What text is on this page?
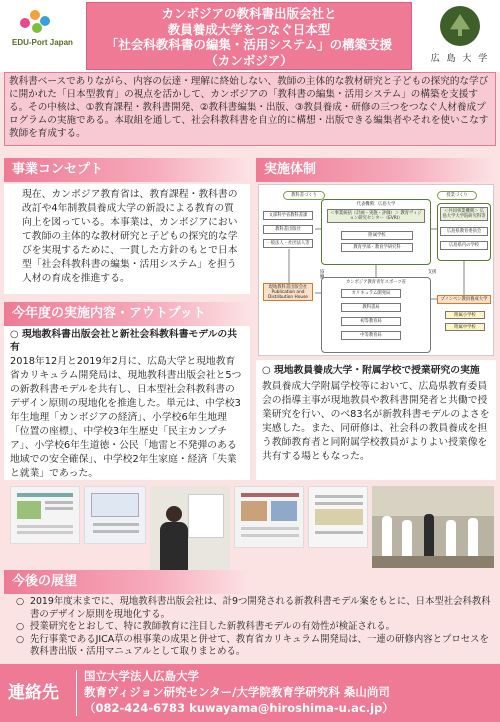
EDU-Port Japan
カンボジアの教科書出版会社と
教員養成大学をつなぐ日本型
「社会科教科書の編集・活用システム」の構築支援
（カンボジア）	広 島 大 学
教科書ベースでありながら、内容の伝達・理解に終始しない、教師の主体的な教材研究と子どもの探究的な学びに開かれた「日本型教育」の視点を活かして、カンボジアの「教科書の編集・活用システム」の構築を支援する。その中核は、①教育課程・教科書開発、②教科書編集・出版、③教員養成・研修の三つをつなぐ人材養成プログラムの実施である。本取組を通して、社会科教科書を自立的に構想・出版できる編集者やそれを使いこなす教師を育成する。
事業コンセプト
現在、カンボジア教育省は、教育課程・教科書の改訂や4年制教員養成大学の新設による教育の質向上を図っている。本事業は、カンボジアにおいて教師の主体的な教材研究と子どもの探究的な学びを実現するために、一貫した方針のもとで日本型「社会科教科書の編集・活用システム」を担う人材の育成を推進する。
実施体制
教科書づくり	授業づくり
代表機関：広島大学
＜事業統括（計画・実施・評価）＞ 教育ヴィジョン研究センター（EVRI）
附属学校
教育学部・教育学研究科
文部科学省教科書課
教科書出版社
一般法人・社団法人等
＜共同事業機関＞ 広島大学大学院研究科等
広島県教育委員会
広島県内の学校
協働
支援
カンボジア教育青年スポーツ省
カリキュラム開発局
教科書局
初等教育局
中等教育局
現地教科書出版会社 Publication and Distribution House	プノンペン教員養成大学
附属小学校
附属中学校
今年度の実施内容・アウトプット
○ 現地教科書出版会社と新社会科教科書モデルの共有
2018年12月と2019年2月に、広島大学と現地教育省カリキュラム開発局は、現地教科書出版会社と5つの新教科書モデルを共有し、日本型社会科教科書のデザイン原則の現地化を推進した。単元は、中学校3年生地理「カンボジアの経済」、小学校6年生地理「位置の座標」、中学校3年生歴史「民主カンプチア」、小学校6年生道徳・公民「地雷と不発弾のある地域での安全確保」、中学校2年生家庭・経済「失業と就業」であった。
○ 現地教員養成大学・附属学校で授業研究の実施
教員養成大学附属学校等において、広島県教育委員会の指導主事が現地教員や教科書開発者と共働で授業研究を行い、のべ83名が新教科書モデルのよさを実感した。また、同研修は、社会科の教員養成を担う教師教育者と同附属学校教員がよりよい授業像を共有する場ともなった。
今後の展望
○ 2019年度末までに、現地教科書出版会社は、計9つ開発される新教科書モデル案をもとに、日本型社会科教科書のデザイン原則を現地化する。
○ 授業研究をとおして、特に教師教育に注目した新教科書モデルの有効性が検証される。
○ 先行事業であるJICA草の根事業の成果と併せて、教育省カリキュラム開発局は、一連の研修内容とプロセスを教科書出版・活用マニュアルとして取りまとめる。
連絡先
国立大学法人広島大学
教育ヴィジョン研究センター/大学院教育学研究科 桑山尚司
（082-424-6783 kuwayama@hiroshima-u.ac.jp）
